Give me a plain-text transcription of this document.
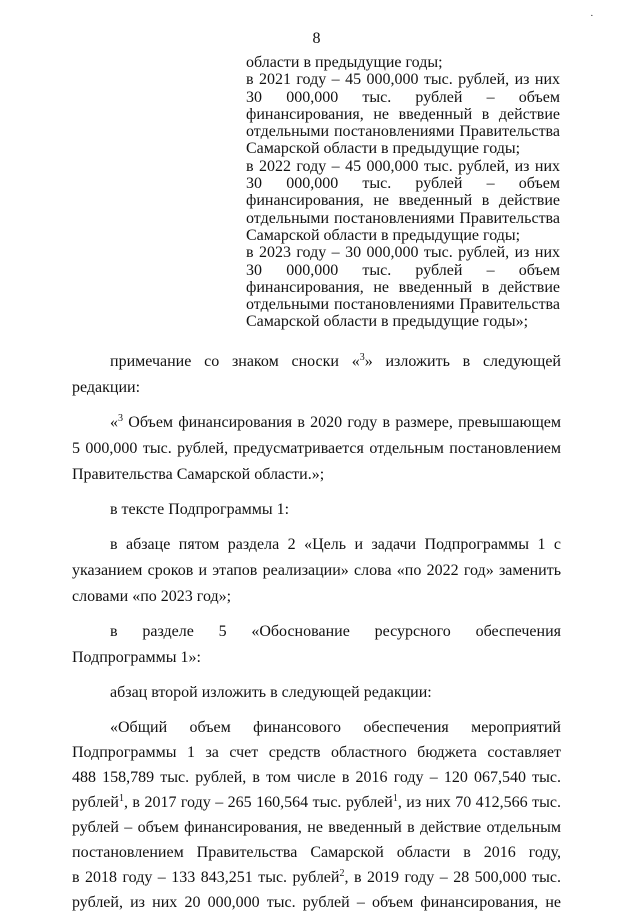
8
·
области в предыдущие годы;
в 2021 году – 45 000,000 тыс. рублей, из них
30 000,000 тыс. рублей – объем
финансирования, не введенный в действие
отдельными постановлениями Правительства
Самарской области в предыдущие годы;
в 2022 году – 45 000,000 тыс. рублей, из них
30 000,000 тыс. рублей – объем
финансирования, не введенный в действие
отдельными постановлениями Правительства
Самарской области в предыдущие годы;
в 2023 году – 30 000,000 тыс. рублей, из них
30 000,000 тыс. рублей – объем
финансирования, не введенный в действие
отдельными постановлениями Правительства
Самарской области в предыдущие годы»;
примечание со знаком сноски «$^3$» изложить в следующей редакции:
«$^3$ Объем финансирования в 2020 году в размере, превышающем
5 000,000 тыс. рублей, предусматривается отдельным постановлением
Правительства Самарской области.»;
в тексте Подпрограммы 1:
в абзаце пятом раздела 2 «Цель и задачи Подпрограммы 1 с
указанием сроков и этапов реализации» слова «по 2022 год» заменить
словами «по 2023 год»;
в разделе 5 «Обоснование ресурсного обеспечения
Подпрограммы 1»:
абзац второй изложить в следующей редакции:
«Общий объем финансового обеспечения мероприятий
Подпрограммы 1 за счет средств областного бюджета составляет
488 158,789 тыс. рублей, в том числе в 2016 году – 120 067,540 тыс.
рублей$^1$, в 2017 году – 265 160,564 тыс. рублей$^1$, из них 70 412,566 тыс.
рублей – объем финансирования, не введенный в действие отдельным
постановлением Правительства Самарской области в 2016 году,
в 2018 году – 133 843,251 тыс. рублей$^2$, в 2019 году – 28 500,000 тыс.
рублей, из них 20 000,000 тыс. рублей – объем финансирования, не
